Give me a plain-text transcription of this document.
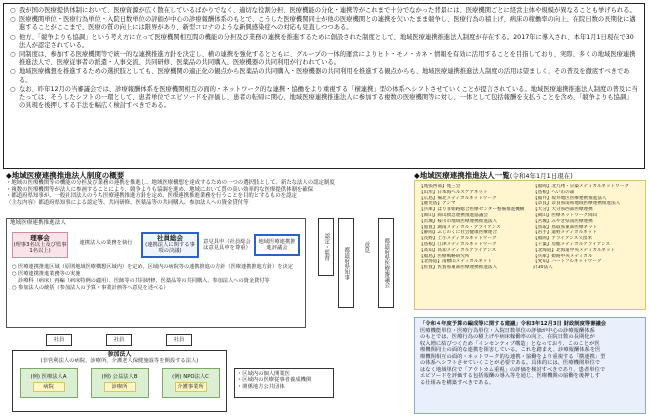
○ 我が国の医療提供体制において、医療資源が広く散在しているばかりでなく、適切な役割分担、医療機能の分化・連携等がこれまで十分でなかった背景には、医療機関ごとに経営主体や規模が異なることも挙げられる。
○ 医療機関単位・医療行為単位・入院日数単位の評価が中心の診療報酬体系のもとで、こうした医療機関同士が他の医療機関との連携を欠いたまま競争し、医療行為の積上げ、病床の稼働率の向上、在院日数の長期化に邁進することがここまで、医療の質の向上には限界があり、新型コロナのような新興感染症への対応も見直しつつある。
○ 他方、「競争よりも協調」という考え方に立って医療機関相互間の機能の分担及び業務の連携を推進するために創設された制度として、地域医療連携推進法人制度が存在する。2017年に導入され、本年1月1日現在で30法人が認定されている。
○ 同制度は、参加する医療機関等で統一的な連携推進方針を決定し、横の連携を強化するとともに、グループの一体的運営によりヒト・モノ・カネ・情報を有効に活用することを目指しており、実際、多くの地域医療連携推進法人で、医療従事者の派遣・人事交流、共同研修、医薬品の共同購入、医療機器の共同利用が行われている。
○ 地域医療構想を推進するための選択肢としても、医療機関の適正化の観点から医薬品の共同購入・医療機器の共同利用を推進する観点からも、地域医療連携推進法人制度の活用は望ましく、その普及を徹底すべきである。
○ なお、昨年12月の当審議会では、診療報酬体系を医療機関相互の面的・ネットワーク的な連携・協働をより重視する「横連携」型の体系へシフトさせていくことが提言されている。地域医療連携推進法人制度の普及に当たっては、そうしたシフトの一環として、患者単位でエピソードを評価し、患者の転帰に関心、地域医療連携推進法人に参加する複数の医療機関等に対し、一体として包括報酬を支払うことを含め、「競争よりも協調」の具現を後押しする手法を幅広く検討すべきである。
◆地域医療連携推進法人制度の概要
・地域の医療機関等の機能の分担及び業務の連携を推進し、地域医療構想を達成するための一つの選択肢として、新たな法人の認定制度
・複数の医療機関等が法人に参画することにより、競争よりも協調を進め、地域において質の高い効率的な医療提供体制を確保
・都道府県知事が、一般社団法人のうち医療連携推進方針を定め、医療連携推進業務を行うことを目的とするものを認定
〈主な内容〉都道府県知事による認定等、共同研修、医薬品等の共同購入、参加法人への資金貸付等
地域医療連携推進法人
理事会
(理事3名以上及び監事1名以上)
連携法人の業務を執行
社員総会
(連携法人に関する事項の決議)
意見具申（社員総会は意見具申を尊重）
地域医療連携推進評議会
○ 医療連携推進区域（原則地域医療構想区域内）を定め、区域内の病院等の連携推進の方針（医療連携推進方針）を決定
○ 医療連携推進業務等の実施
診療科（病床）再編（病床特例の適用）、医師等の共同研修、医薬品等の共同購入、参加法人への資金貸付等
○ 参加法人の統括（参加法人の予算・事業計画等へ意見を述べる）
認定・監督	都道府県知事	意見	都道府県医療審議会
社員	社員	社員
参加法人
(非営利法人の病院、診療所、介護老人保健施設等を開設する法人)
(例) 医療法人A
病院
(例) 公益法人B
診療所
(例) NPO法人C
介護事業所
・区域内の個人開業医
・区域内の医療従事者養成機関
・関係地方公共団体
◆地域医療連携推進法人一覧(令和4年1月1日現在)
【尾張西部】尾三会
【山形】日本海ヘルスケアネット
【広島】備北メディカルネットワーク
【鹿児島】アンマ
【兵庫】はりま姫路総合医療センター整備推進機構
【岡山】岡山救急連携推進協議会
【茨城】桜川市地域医療連携推進法人
【滋賀】湖南メディカル・アライアンス
【静岡】ふじのくに社会健康医療連合
【長野】上小メディカルネットワーク
【島根】江津メディカルネットワーク
【高知】高知メディカルアライアンス
【福島】医療戦略研究所
【北海道】南檜山メディカルネット
【佐賀】佐賀県東部医療連携推進法人
【福岡】北九州・京築メディカルネットワーク
【島根】へいわの森
【福井】坂井地区医療連携推進法人
【奈良】奈良県南和地域医療連携推進法人
【大分】大分県西部医療連携
【岡山】医療ネットワーク岡山
【宮城】みやぎ県南医療連携
【鳥取】鳥取県東部医療ネット
【岩手】遠野メディカルネット
【福岡】アライアンス久留米
【千葉】房総メディカルアライアンス
【北海道】北海道中央メディカルネット
【兵庫】姫路中央メディカル
【愛知】ハートフルネットワーク
計30法人
「令和４年度予算の編成等に関する建議」令和3年12月3日 財政制度等審議会
医療機能単位・医療行為単位・入院日数単位の評価が中心の診療報酬体系
のもとでは、医療行為の積上げや病床稼働率の向上、在院日数の長期化が
収入増に結びつくため「インセンティブ構造」となっており、このことが医
療機関同士の面的な連携を阻害している。これを踏まえ、診療報酬体系を医
療機関相互の面的・ネットワーク的な連携・協働をより重視する「横連携」型
の体系へシフトさせていくことが必要である。具体的には、医療機関単位で
はなく地域単位で「アウトカム重視」の評価を検討すべきであり、患者単位で
エピソードを評価する包括報酬の導入等を通じ、医療機関の協働を後押しす
る仕組みを構築すべきである。
